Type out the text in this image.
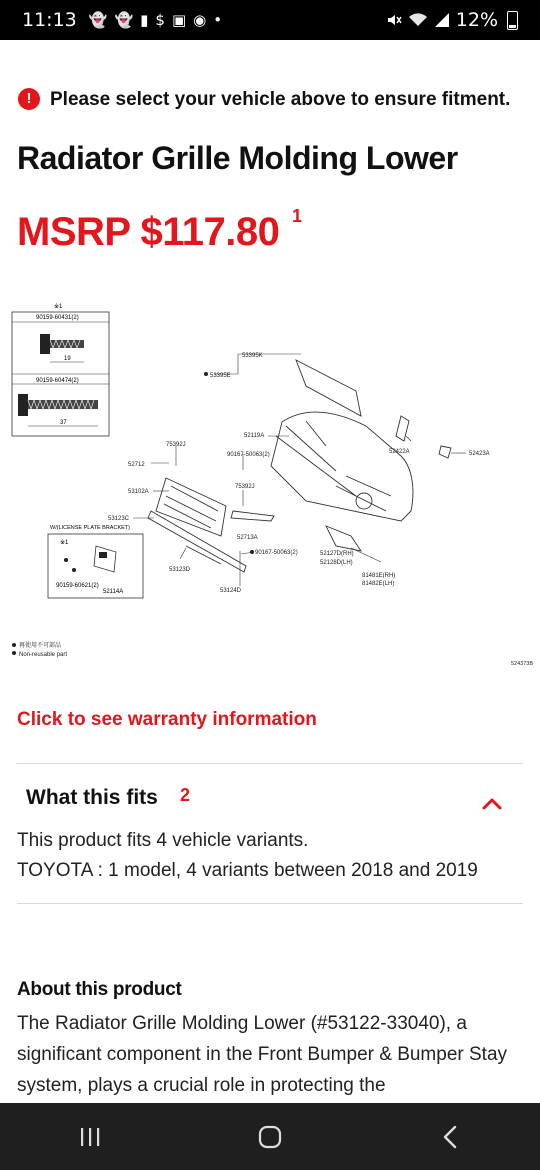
11:13 👻 👻 ▮ $ ▣ ◉ •	12%
! Please select your vehicle above to ensure fitment.
Radiator Grille Molding Lower
MSRP $117.80 1
※1
90159-60431(2)
90159-60474(2)
19
37
53395K
53395E
52119A
52422A	52423A
75392J
90167-50063(2)
52712
75392J
53102A
53123C
52713A
90167-50063(2)	52127D(RH)
52128D(LH)
53123D
81481E(RH)
81482E(LH)
53124D
W/(LICENSE PLATE BRACKET)
※1
90159-60621(2)
52114A
再使用不可部品
Non-reusable part
524373B
Click to see warranty information
What this fits 2
This product fits 4 vehicle variants.
TOYOTA : 1 model, 4 variants between 2018 and 2019
About this product
The Radiator Grille Molding Lower (#53122-33040), a significant component in the Front Bumper & Bumper Stay system, plays a crucial role in protecting the
